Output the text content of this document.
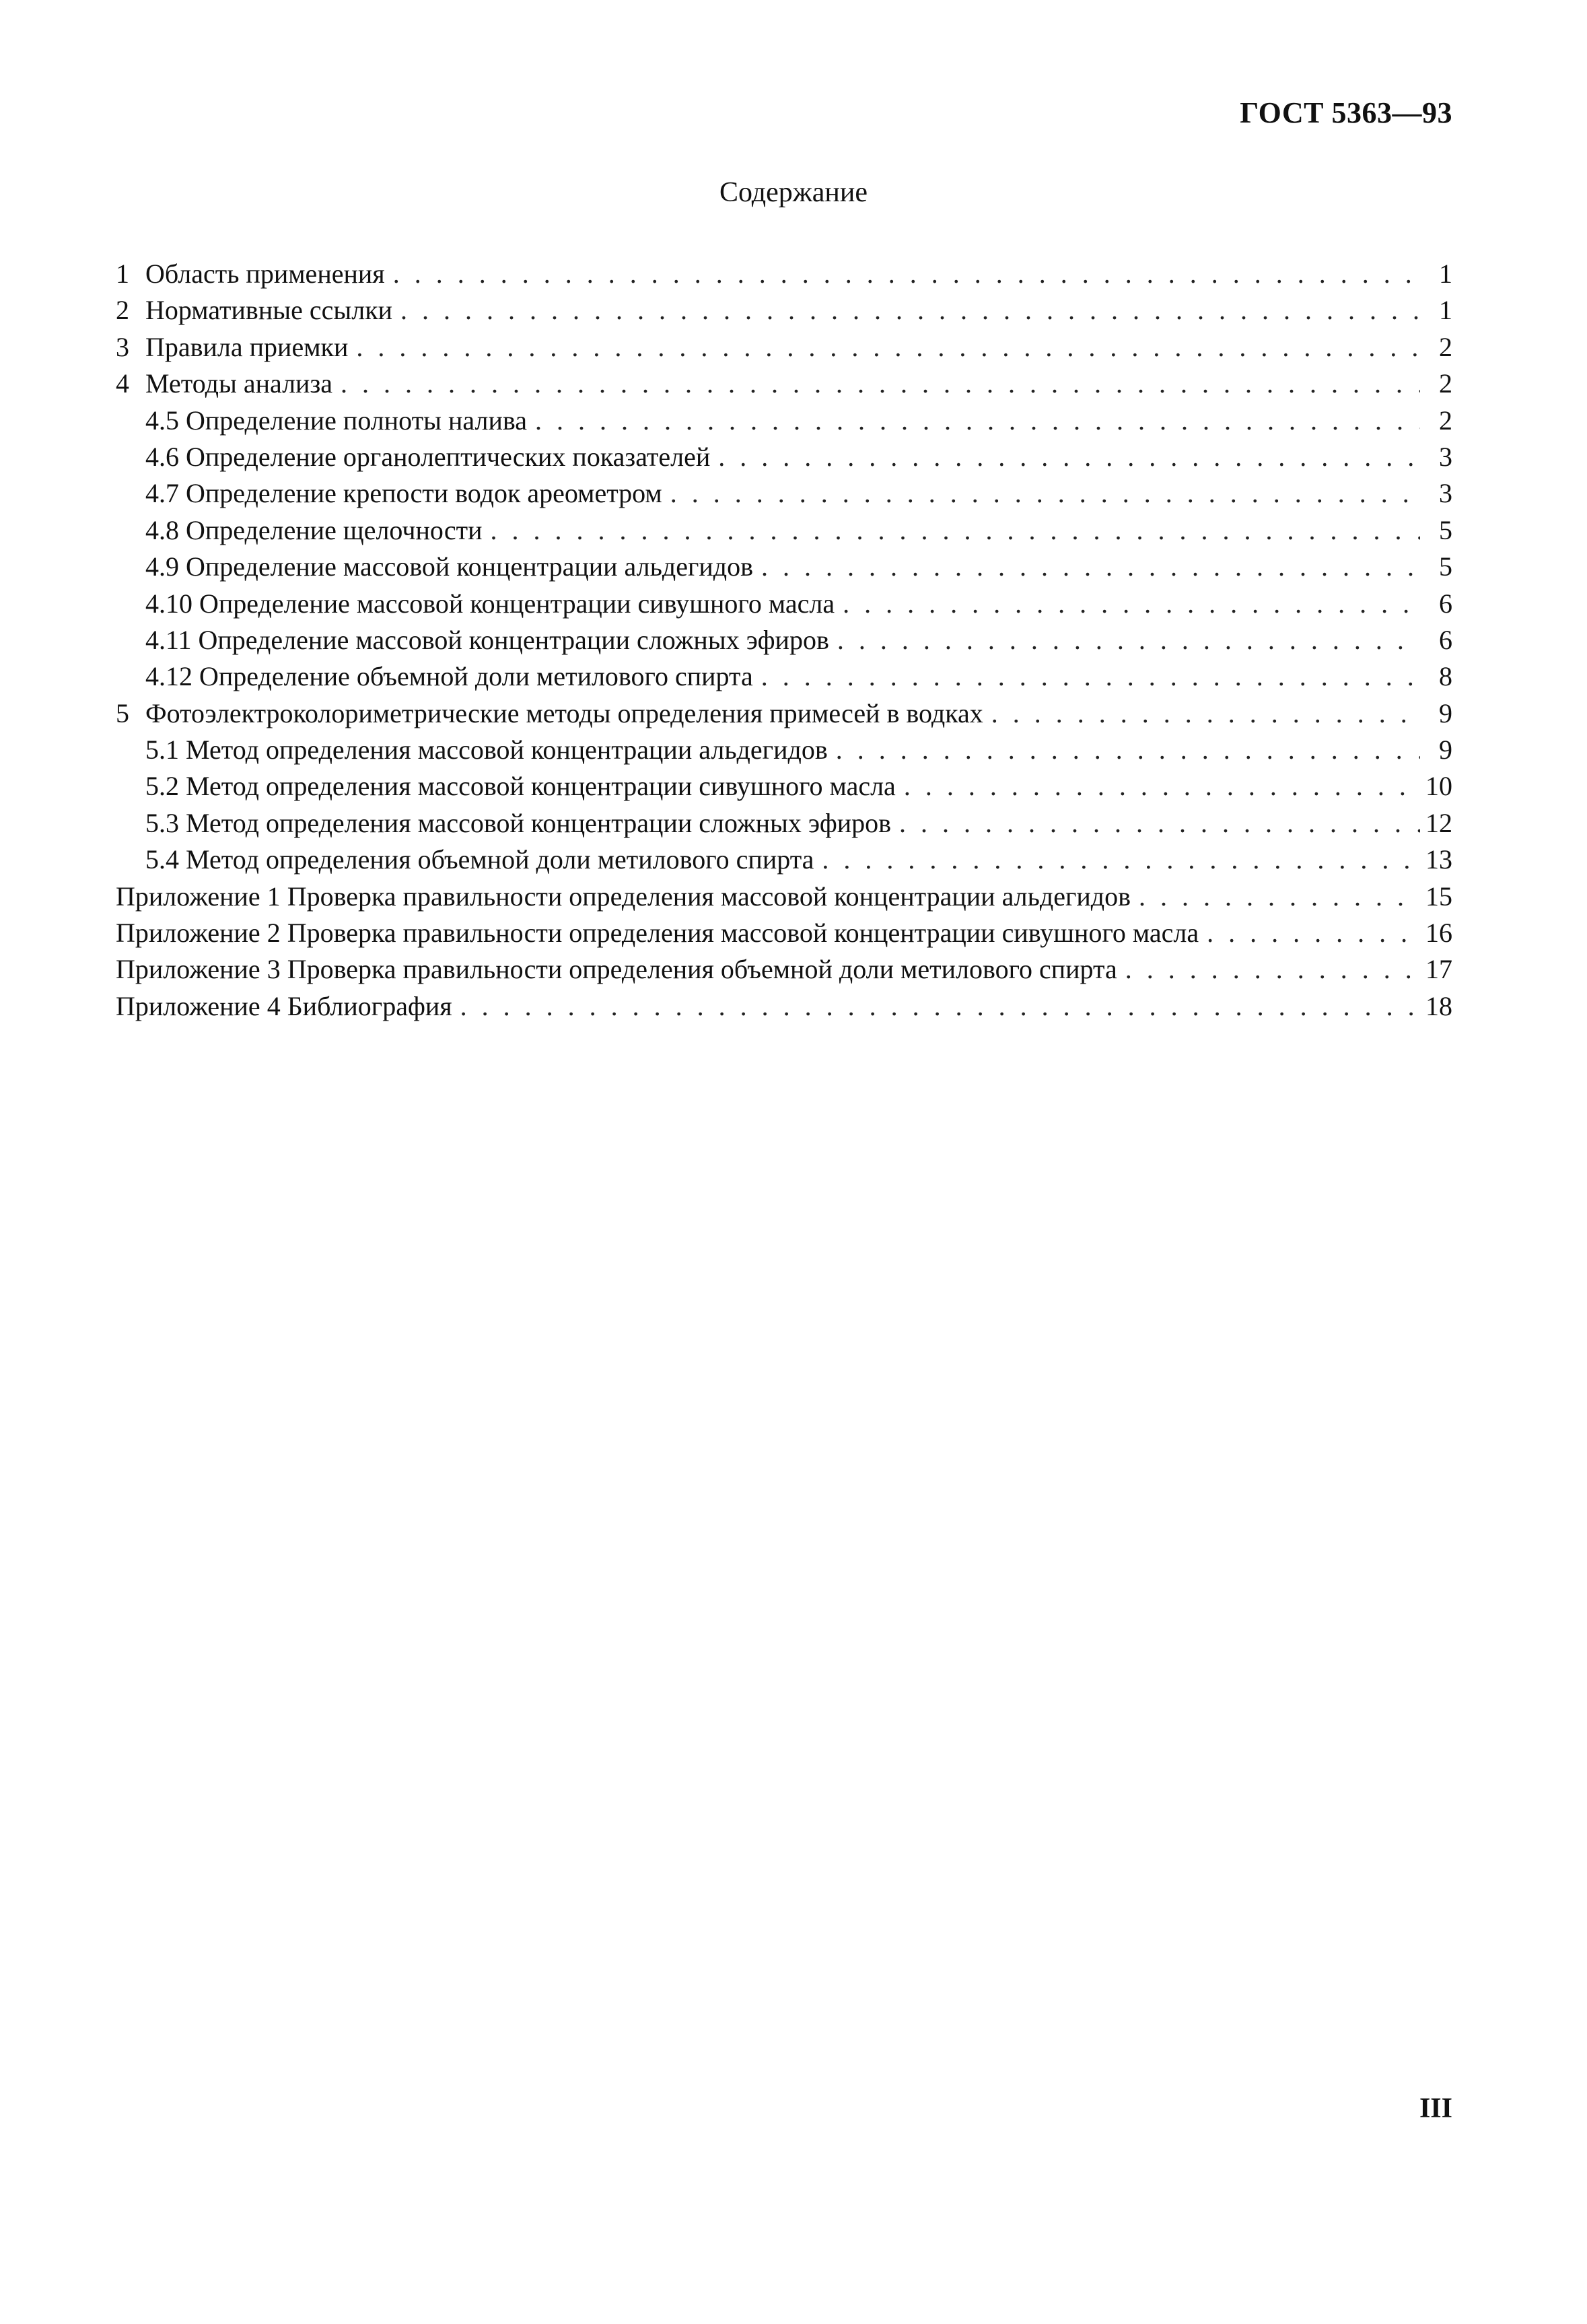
ГОСТ 5363—93
Содержание
1 Область применения . . .	1
2 Нормативные ссылки . . .	1
3 Правила приемки . . .	2
4 Методы анализа . . .	2
4.5 Определение полноты налива . . .	2
4.6 Определение органолептических показателей . . .	3
4.7 Определение крепости водок ареометром . . .	3
4.8 Определение щелочности . . .	5
4.9 Определение массовой концентрации альдегидов . . .	5
4.10 Определение массовой концентрации сивушного масла . . .	6
4.11 Определение массовой концентрации сложных эфиров . . .	6
4.12 Определение объемной доли метилового спирта . . .	8
5 Фотоэлектроколориметрические методы определения примесей в водках . . .	9
5.1 Метод определения массовой концентрации альдегидов . . .	9
5.2 Метод определения массовой концентрации сивушного масла . . .	10
5.3 Метод определения массовой концентрации сложных эфиров . . .	12
5.4 Метод определения объемной доли метилового спирта . . .	13
Приложение 1 Проверка правильности определения массовой концентрации альдегидов . . .	15
Приложение 2 Проверка правильности определения массовой концентрации сивушного масла . . .	16
Приложение 3 Проверка правильности определения объемной доли метилового спирта . . .	17
Приложение 4 Библиография . . .	18
III
